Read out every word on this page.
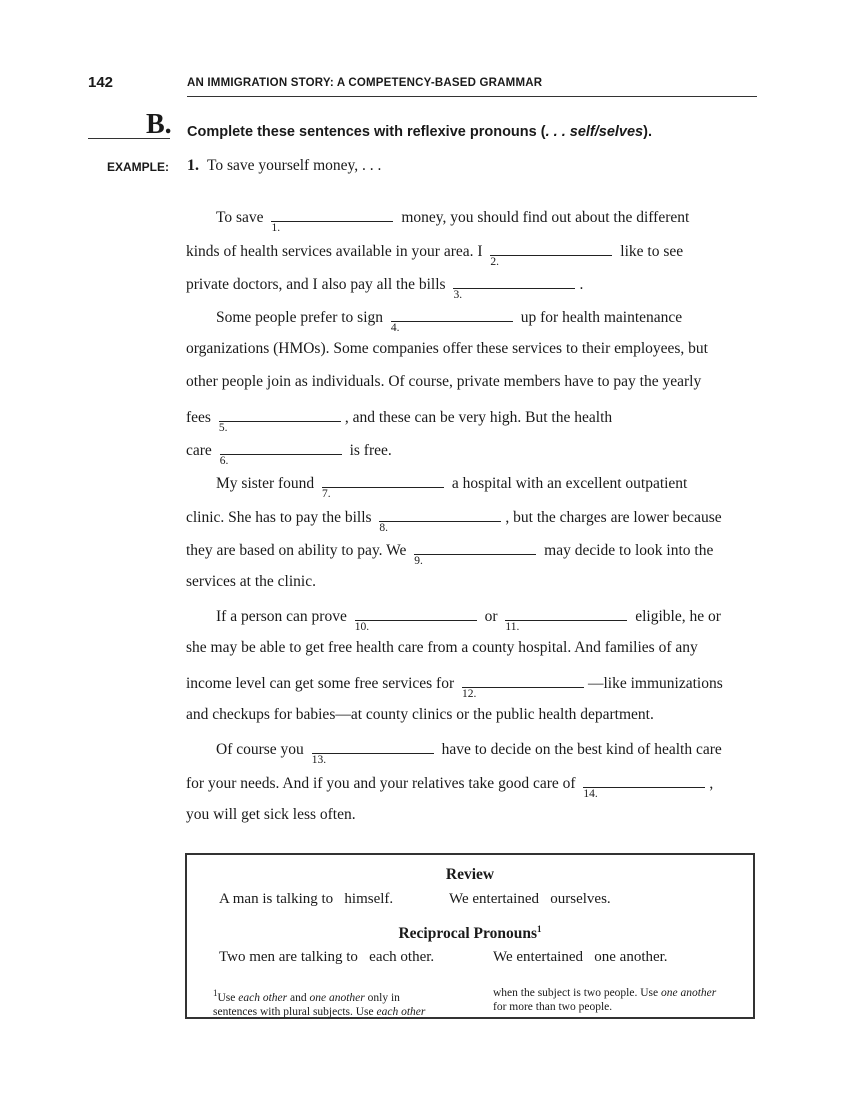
142	AN IMMIGRATION STORY: A COMPETENCY-BASED GRAMMAR
B. Complete these sentences with reflexive pronouns (. . . self/selves).
EXAMPLE: 1. To save yourself money, . . .
To save
1.
money, you should find out about the different
kinds of health services available in your area. I
2.
like to see
private doctors, and I also pay all the bills
3.
.
Some people prefer to sign
4.
up for health maintenance
organizations (HMOs). Some companies offer these services to their employees, but
other people join as individuals. Of course, private members have to pay the yearly
fees
5.
, and these can be very high. But the health
care
6.
is free.
My sister found
7.
a hospital with an excellent outpatient
clinic. She has to pay the bills
8.
, but the charges are lower because
they are based on ability to pay. We
9.
may decide to look into the
services at the clinic.
If a person can prove
10.
or
11.
eligible, he or
she may be able to get free health care from a county hospital. And families of any
income level can get some free services for
12.
—like immunizations
and checkups for babies—at county clinics or the public health department.
Of course you
13.
have to decide on the best kind of health care
for your needs. And if you and your relatives take good care of
14.
,
you will get sick less often.
Review
A man is talking to himself.	We entertained ourselves.
Reciprocal Pronouns$^1$
Two men are talking to each other.	We entertained one another.
$^1$Use each other and one another only in
sentences with plural subjects. Use each other
when the subject is two people. Use one another
for more than two people.
